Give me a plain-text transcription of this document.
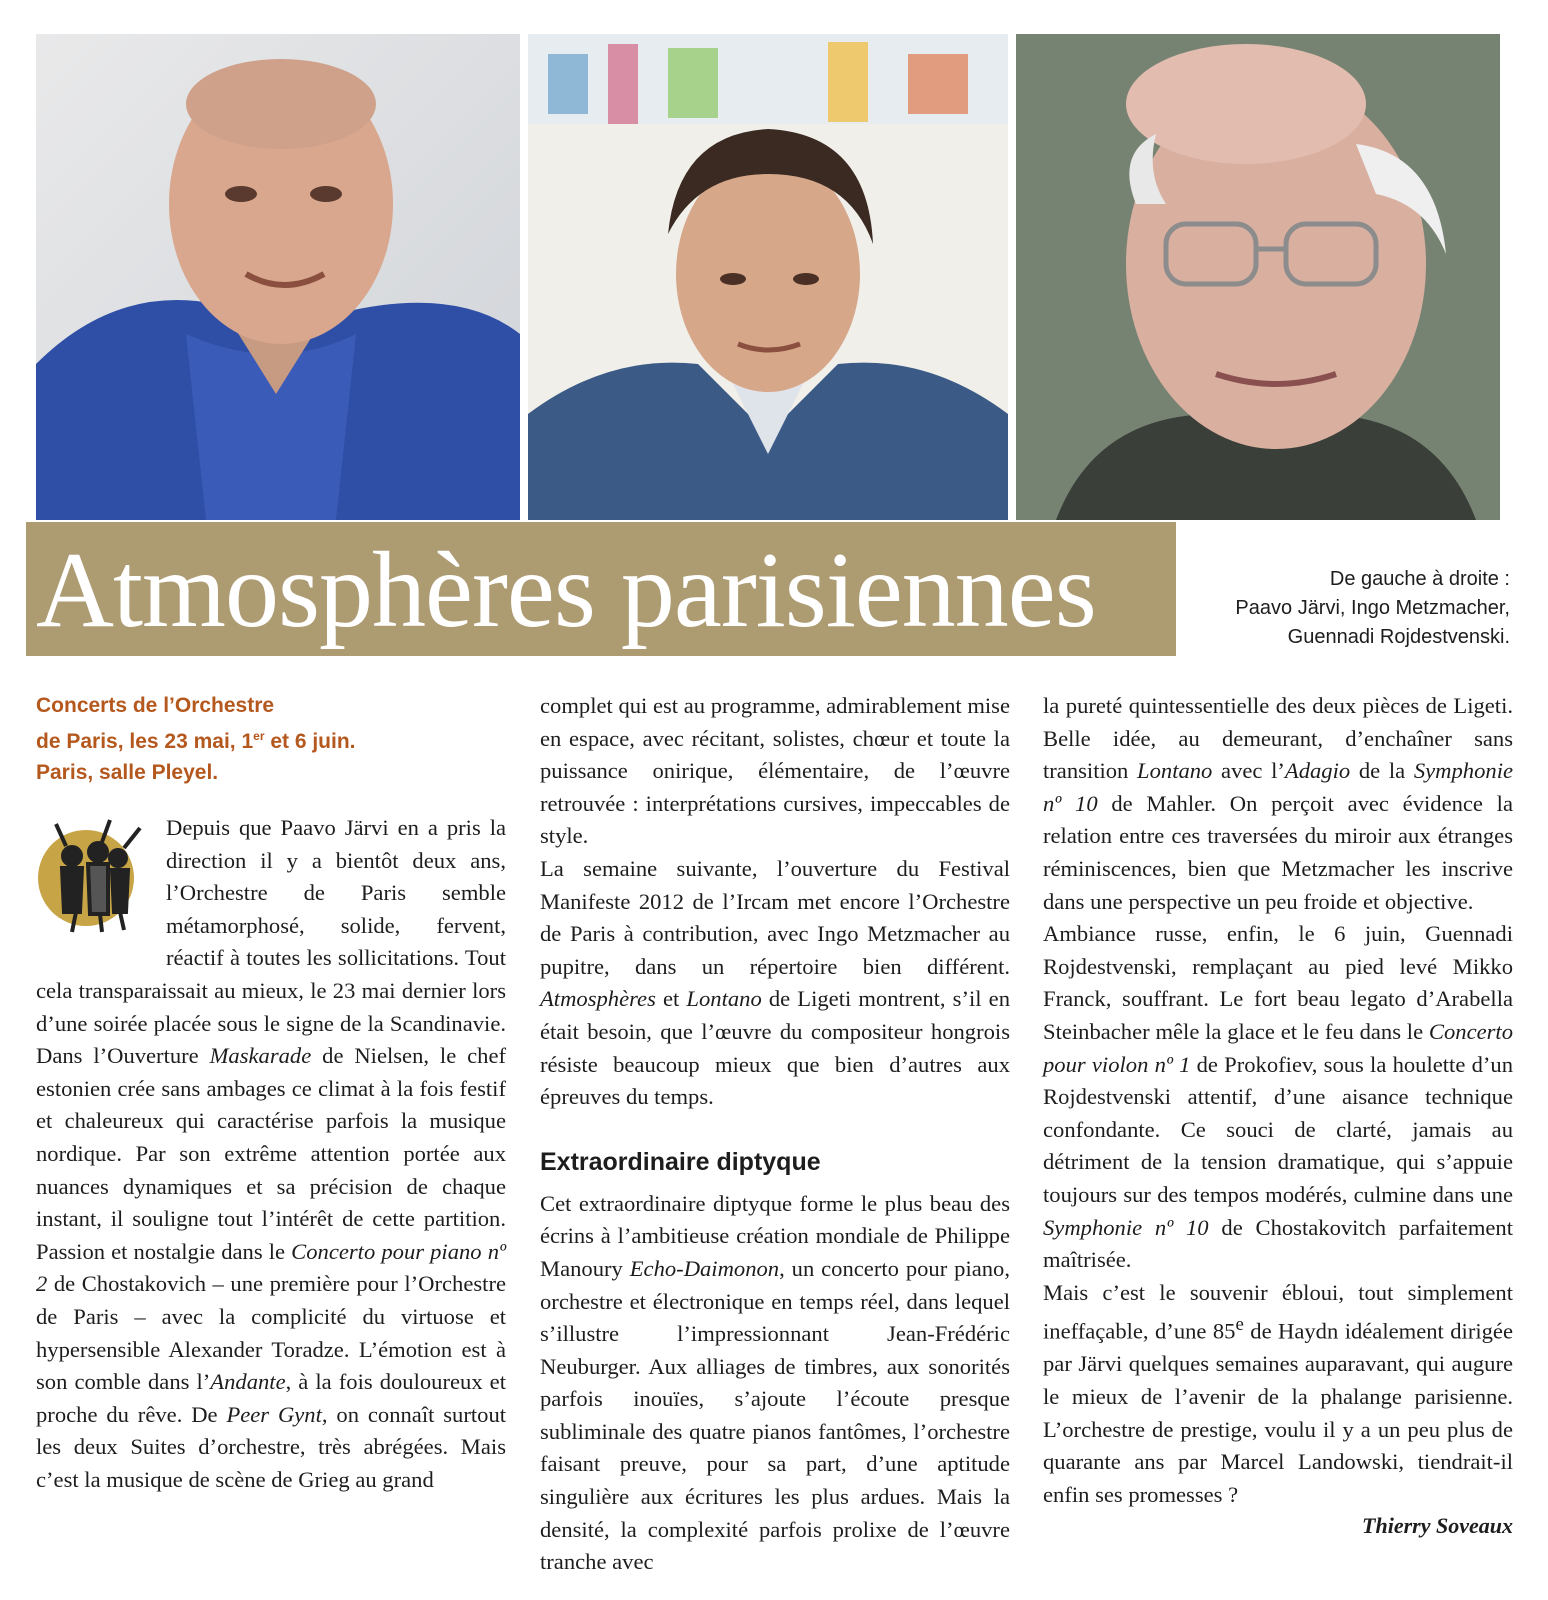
Atmosphères parisiennes	De gauche à droite :
Paavo Järvi, Ingo Metzmacher,
Guennadi Rojdestvenski.
Concerts de l’Orchestre
de Paris, les 23 mai, 1er et 6 juin.
Paris, salle Pleyel.

Depuis que Paavo Järvi en a pris la direction il y a bientôt deux ans, l’Orchestre de Paris semble métamorphosé, solide, fervent, réactif à toutes les sollicitations. Tout cela transparaissait au mieux, le 23 mai dernier lors d’une soirée placée sous le signe de la Scandinavie. Dans l’Ouverture Maskarade de Nielsen, le chef estonien crée sans ambages ce climat à la fois festif et chaleureux qui caractérise parfois la musique nordique. Par son extrême attention portée aux nuances dynamiques et sa précision de chaque instant, il souligne tout l’intérêt de cette partition. Passion et nostalgie dans le Concerto pour piano nº 2 de Chostakovich – une première pour l’Orchestre de Paris – avec la complicité du virtuose et hypersensible Alexander Toradze. L’émotion est à son comble dans l’Andante, à la fois douloureux et proche du rêve. De Peer Gynt, on connaît surtout les deux Suites d’orchestre, très abrégées. Mais c’est la musique de scène de Grieg au grand

complet qui est au programme, admirablement mise en espace, avec récitant, solistes, chœur et toute la puissance onirique, élémentaire, de l’œuvre retrouvée : interprétations cursives, impeccables de style.

La semaine suivante, l’ouverture du Festival Manifeste 2012 de l’Ircam met encore l’Orchestre de Paris à contribution, avec Ingo Metzmacher au pupitre, dans un répertoire bien différent. Atmosphères et Lontano de Ligeti montrent, s’il en était besoin, que l’œuvre du compositeur hongrois résiste beaucoup mieux que bien d’autres aux épreuves du temps.

Extraordinaire diptyque

Cet extraordinaire diptyque forme le plus beau des écrins à l’ambitieuse création mondiale de Philippe Manoury Echo-Daimonon, un concerto pour piano, orchestre et électronique en temps réel, dans lequel s’illustre l’impressionnant Jean-Frédéric Neuburger. Aux alliages de timbres, aux sonorités parfois inouïes, s’ajoute l’écoute presque subliminale des quatre pianos fantômes, l’orchestre faisant preuve, pour sa part, d’une aptitude singulière aux écritures les plus ardues. Mais la densité, la complexité parfois prolixe de l’œuvre tranche avec

la pureté quintessentielle des deux pièces de Ligeti. Belle idée, au demeurant, d’enchaîner sans transition Lontano avec l’Adagio de la Symphonie nº 10 de Mahler. On perçoit avec évidence la relation entre ces traversées du miroir aux étranges réminiscences, bien que Metzmacher les inscrive dans une perspective un peu froide et objective.

Ambiance russe, enfin, le 6 juin, Guennadi Rojdestvenski, remplaçant au pied levé Mikko Franck, souffrant. Le fort beau legato d’Arabella Steinbacher mêle la glace et le feu dans le Concerto pour violon nº 1 de Prokofiev, sous la houlette d’un Rojdestvenski attentif, d’une aisance technique confondante. Ce souci de clarté, jamais au détriment de la tension dramatique, qui s’appuie toujours sur des tempos modérés, culmine dans une Symphonie nº 10 de Chostakovitch parfaitement maîtrisée.

Mais c’est le souvenir ébloui, tout simplement ineffaçable, d’une 85e de Haydn idéalement dirigée par Järvi quelques semaines auparavant, qui augure le mieux de l’avenir de la phalange parisienne. L’orchestre de prestige, voulu il y a un peu plus de quarante ans par Marcel Landowski, tiendrait-il enfin ses promesses ?

Thierry Soveaux
